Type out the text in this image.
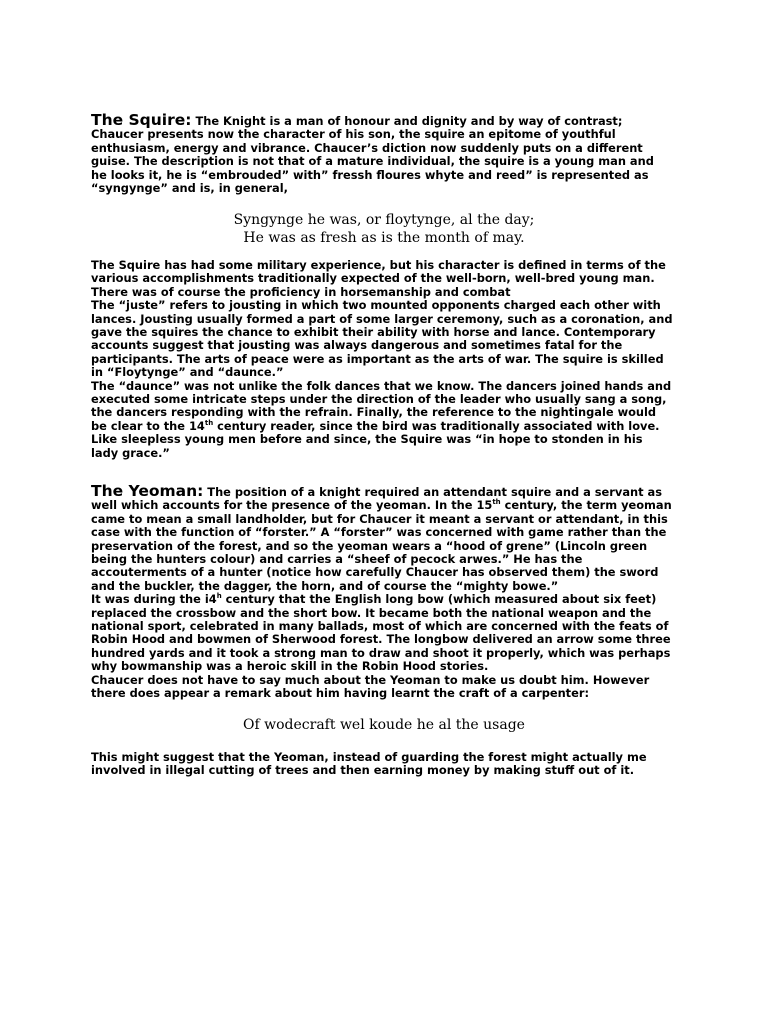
The Squire: The Knight is a man of honour and dignity and by way of contrast; Chaucer presents now the character of his son, the squire an epitome of youthful enthusiasm, energy and vibrance. Chaucer’s diction now suddenly puts on a different guise. The description is not that of a mature individual, the squire is a young man and he looks it, he is “embrouded” with” fressh floures whyte and reed” is represented as “syngynge” and is, in general,

Syngynge he was, or floytynge, al the day;

He was as fresh as is the month of may.

The Squire has had some military experience, but his character is defined in terms of the various accomplishments traditionally expected of the well-born, well-bred young man. There was of course the proficiency in horsemanship and combat

The “juste” refers to jousting in which two mounted opponents charged each other with lances. Jousting usually formed a part of some larger ceremony, such as a coronation, and gave the squires the chance to exhibit their ability with horse and lance. Contemporary accounts suggest that jousting was always dangerous and sometimes fatal for the participants. The arts of peace were as important as the arts of war. The squire is skilled in “Floytynge” and “daunce.”

The “daunce” was not unlike the folk dances that we know. The dancers joined hands and executed some intricate steps under the direction of the leader who usually sang a song, the dancers responding with the refrain. Finally, the reference to the nightingale would be clear to the 14th century reader, since the bird was traditionally associated with love. Like sleepless young men before and since, the Squire was “in hope to stonden in his lady grace.”

The Yeoman: The position of a knight required an attendant squire and a servant as well which accounts for the presence of the yeoman. In the 15th century, the term yeoman came to mean a small landholder, but for Chaucer it meant a servant or attendant, in this case with the function of “forster.” A “forster” was concerned with game rather than the preservation of the forest, and so the yeoman wears a “hood of grene” (Lincoln green being the hunters colour) and carries a “sheef of pecock arwes.” He has the accouterments of a hunter (notice how carefully Chaucer has observed them) the sword and the buckler, the dagger, the horn, and of course the “mighty bowe.”

It was during the i4$^h$ century that the English long bow (which measured about six feet) replaced the crossbow and the short bow. It became both the national weapon and the national sport, celebrated in many ballads, most of which are concerned with the feats of Robin Hood and bowmen of Sherwood forest. The longbow delivered an arrow some three hundred yards and it took a strong man to draw and shoot it properly, which was perhaps why bowmanship was a heroic skill in the Robin Hood stories.

Chaucer does not have to say much about the Yeoman to make us doubt him. However there does appear a remark about him having learnt the craft of a carpenter:

Of wodecraft wel koude he al the usage

This might suggest that the Yeoman, instead of guarding the forest might actually me involved in illegal cutting of trees and then earning money by making stuff out of it.
